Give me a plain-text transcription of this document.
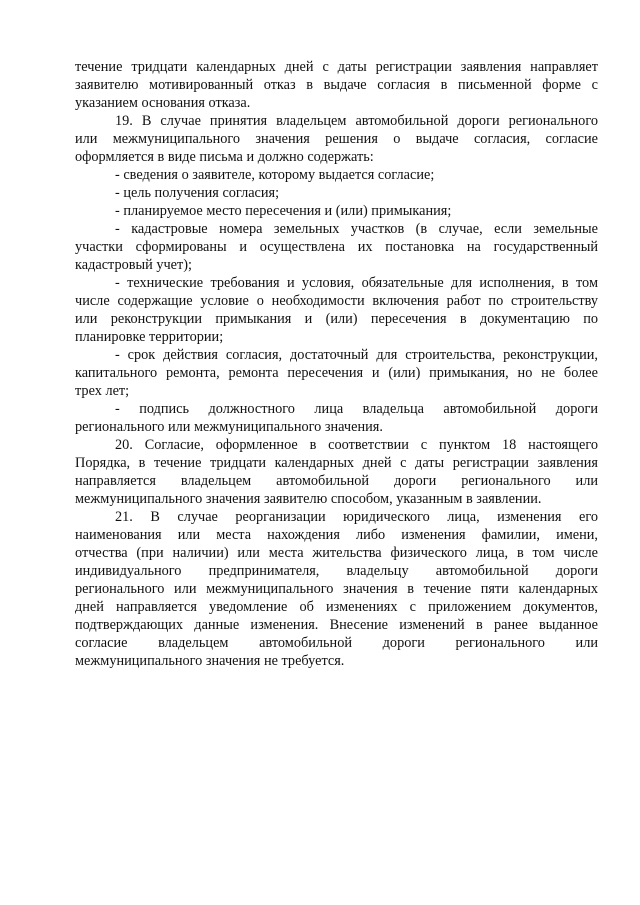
течение тридцати календарных дней с даты регистрации заявления направляет
заявителю мотивированный отказ в выдаче согласия в письменной форме с
указанием основания отказа.
19. В случае принятия владельцем автомобильной дороги регионального
или межмуниципального значения решения о выдаче согласия, согласие
оформляется в виде письма и должно содержать:
- сведения о заявителе, которому выдается согласие;
- цель получения согласия;
- планируемое место пересечения и (или) примыкания;
- кадастровые номера земельных участков (в случае, если земельные
участки сформированы и осуществлена их постановка на государственный
кадастровый учет);
- технические требования и условия, обязательные для исполнения, в том
числе содержащие условие о необходимости включения работ по строительству
или реконструкции примыкания и (или) пересечения в документацию по
планировке территории;
- срок действия согласия, достаточный для строительства, реконструкции,
капитального ремонта, ремонта пересечения и (или) примыкания, но не более
трех лет;
- подпись должностного лица владельца автомобильной дороги
регионального или межмуниципального значения.
20. Согласие, оформленное в соответствии с пунктом 18 настоящего
Порядка, в течение тридцати календарных дней с даты регистрации заявления
направляется владельцем автомобильной дороги регионального или
межмуниципального значения заявителю способом, указанным в заявлении.
21. В случае реорганизации юридического лица, изменения его
наименования или места нахождения либо изменения фамилии, имени,
отчества (при наличии) или места жительства физического лица, в том числе
индивидуального предпринимателя, владельцу автомобильной дороги
регионального или межмуниципального значения в течение пяти календарных
дней направляется уведомление об изменениях с приложением документов,
подтверждающих данные изменения. Внесение изменений в ранее выданное
согласие владельцем автомобильной дороги регионального или
межмуниципального значения не требуется.
